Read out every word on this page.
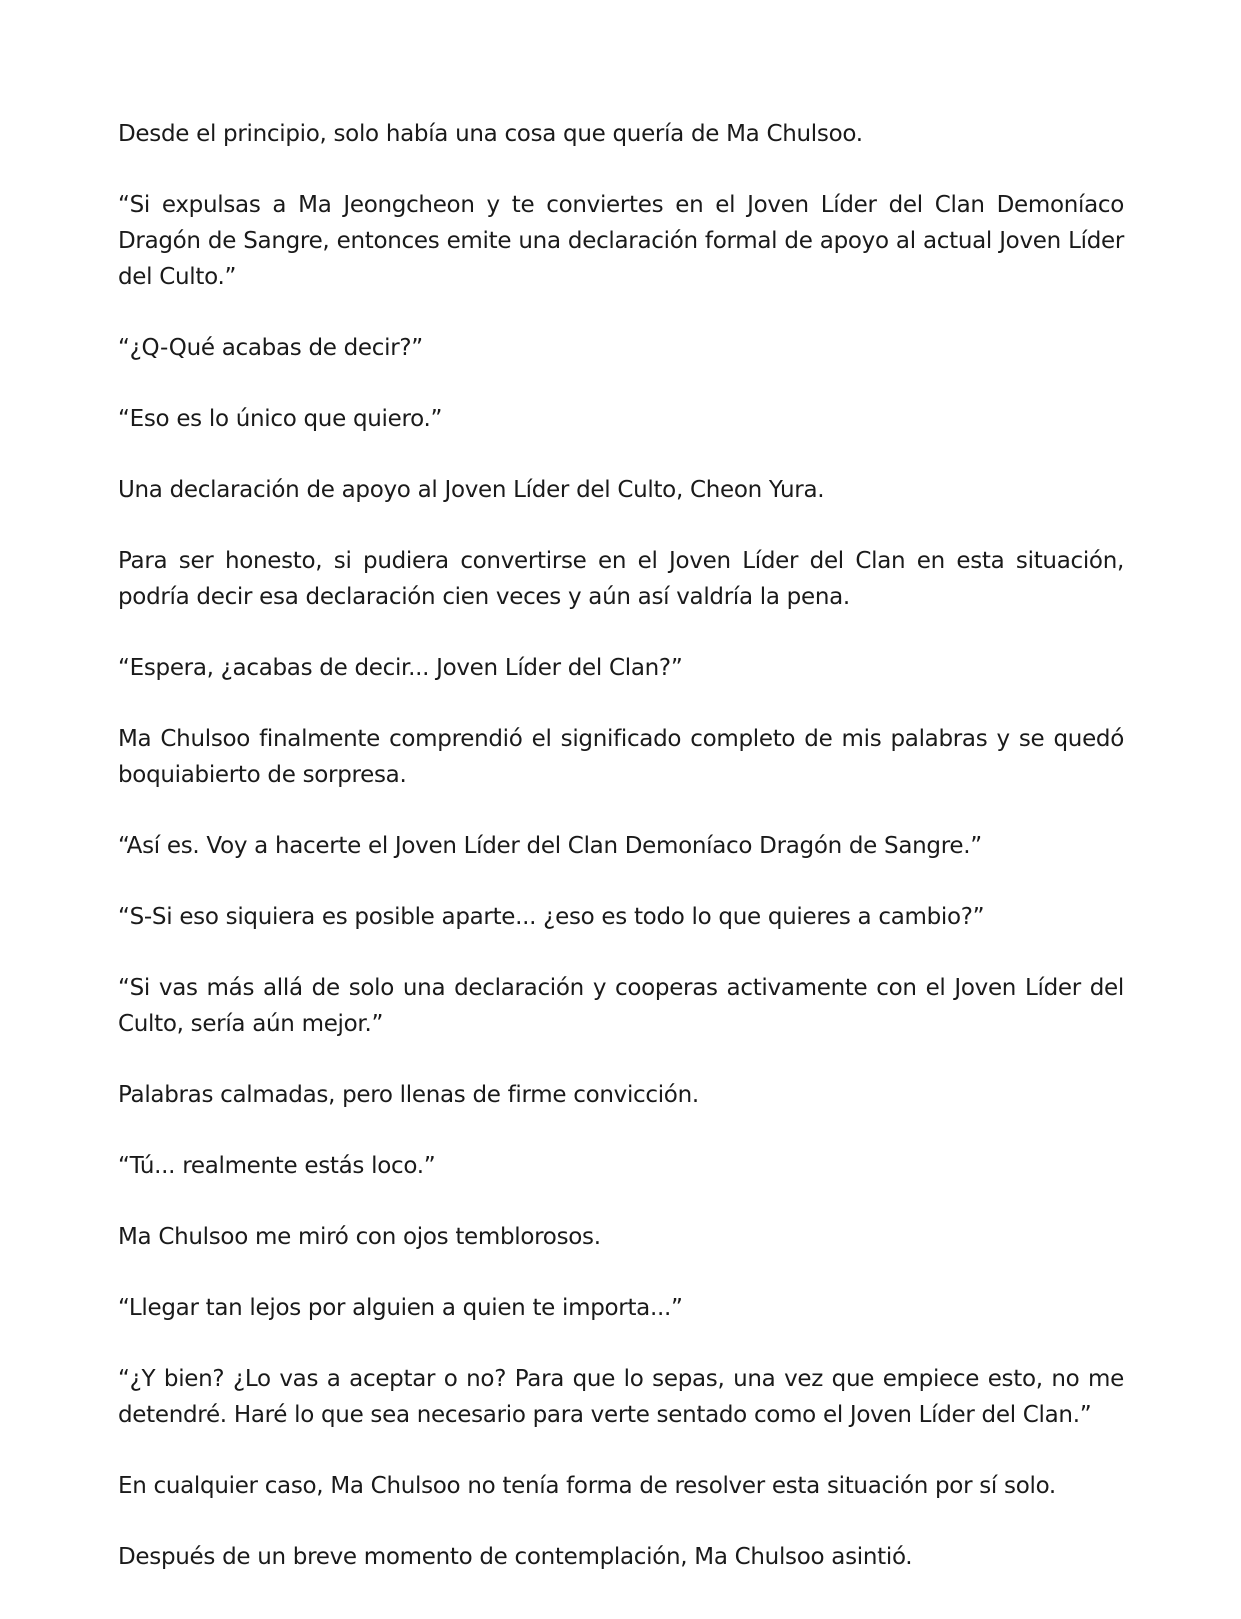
Desde el principio, solo había una cosa que quería de Ma Chulsoo.

“Si expulsas a Ma Jeongcheon y te conviertes en el Joven Líder del Clan Demoníaco Dragón de Sangre, entonces emite una declaración formal de apoyo al actual Joven Líder del Culto.”

“¿Q-Qué acabas de decir?”

“Eso es lo único que quiero.”

Una declaración de apoyo al Joven Líder del Culto, Cheon Yura.

Para ser honesto, si pudiera convertirse en el Joven Líder del Clan en esta situación, podría decir esa declaración cien veces y aún así valdría la pena.

“Espera, ¿acabas de decir... Joven Líder del Clan?”

Ma Chulsoo finalmente comprendió el significado completo de mis palabras y se quedó boquiabierto de sorpresa.

“Así es. Voy a hacerte el Joven Líder del Clan Demoníaco Dragón de Sangre.”

“S-Si eso siquiera es posible aparte... ¿eso es todo lo que quieres a cambio?”

“Si vas más allá de solo una declaración y cooperas activamente con el Joven Líder del Culto, sería aún mejor.”

Palabras calmadas, pero llenas de firme convicción.

“Tú... realmente estás loco.”

Ma Chulsoo me miró con ojos temblorosos.

“Llegar tan lejos por alguien a quien te importa...”

“¿Y bien? ¿Lo vas a aceptar o no? Para que lo sepas, una vez que empiece esto, no me detendré. Haré lo que sea necesario para verte sentado como el Joven Líder del Clan.”

En cualquier caso, Ma Chulsoo no tenía forma de resolver esta situación por sí solo.

Después de un breve momento de contemplación, Ma Chulsoo asintió.
